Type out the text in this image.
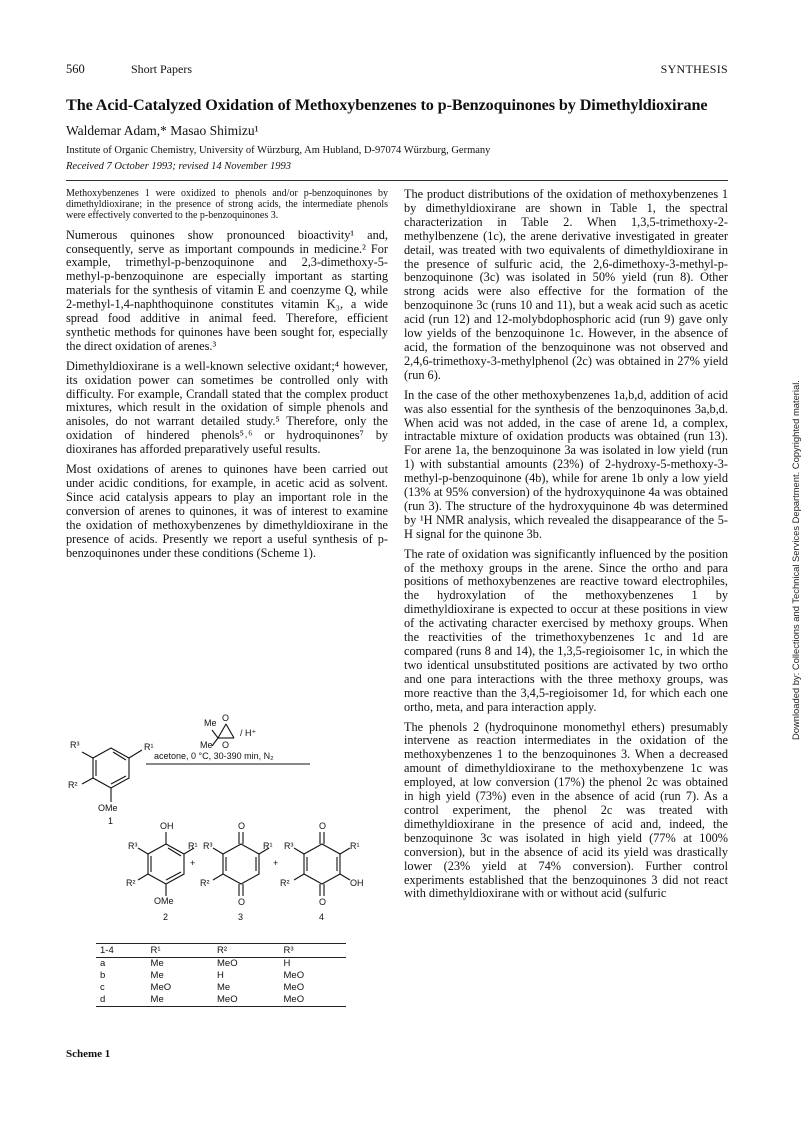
560	Short Papers	SYNTHESIS
The Acid-Catalyzed Oxidation of Methoxybenzenes to p-Benzoquinones by Dimethyldioxirane
Waldemar Adam,* Masao Shimizu¹
Institute of Organic Chemistry, University of Würzburg, Am Hubland, D-97074 Würzburg, Germany
Received 7 October 1993; revised 14 November 1993

Methoxybenzenes 1 were oxidized to phenols and/or p-benzoquinones by dimethyldioxirane; in the presence of strong acids, the intermediate phenols were effectively converted to the p-benzoquinones 3.

Numerous quinones show pronounced bioactivity¹ and, consequently, serve as important compounds in medicine.² For example, trimethyl-p-benzoquinone and 2,3-dimethoxy-5-methyl-p-benzoquinone are especially important as starting materials for the synthesis of vitamin E and coenzyme Q, while 2-methyl-1,4-naphthoquinone constitutes vitamin K₃, a wide spread food additive in animal feed. Therefore, efficient synthetic methods for quinones have been sought for, especially the direct oxidation of arenes.³

Dimethyldioxirane is a well-known selective oxidant;⁴ however, its oxidation power can sometimes be controlled only with difficulty. For example, Crandall stated that the complex product mixtures, which result in the oxidation of simple phenols and anisoles, do not warrant detailed study.⁵ Therefore, only the oxidation of hindered phenols⁵˒⁶ or hydroquinones⁷ by dioxiranes has afforded preparatively useful results.

Most oxidations of arenes to quinones have been carried out under acidic conditions, for example, in acetic acid as solvent. Since acid catalysis appears to play an important role in the conversion of arenes to quinones, it was of interest to examine the oxidation of methoxybenzenes by dimethyldioxirane in the presence of acids. Presently we report a useful synthesis of p-benzoquinones under these conditions (Scheme 1).

The product distributions of the oxidation of methoxybenzenes 1 by dimethyldioxirane are shown in Table 1, the spectral characterization in Table 2. When 1,3,5-trimethoxy-2-methylbenzene (1c), the arene derivative investigated in greater detail, was treated with two equivalents of dimethyldioxirane in the presence of sulfuric acid, the 2,6-dimethoxy-3-methyl-p-benzoquinone (3c) was isolated in 50% yield (run 8). Other strong acids were also effective for the formation of the benzoquinone 3c (runs 10 and 11), but a weak acid such as acetic acid (run 12) and 12-molybdophosphoric acid (run 9) gave only low yields of the benzoquinone 1c. However, in the absence of acid, the formation of the benzoquinone was not observed and 2,4,6-trimethoxy-3-methylphenol (2c) was obtained in 27% yield (run 6).

In the case of the other methoxybenzenes 1a,b,d, addition of acid was also essential for the synthesis of the benzoquinones 3a,b,d. When acid was not added, in the case of arene 1d, a complex, intractable mixture of oxidation products was obtained (run 13). For arene 1a, the benzoquinone 3a was isolated in low yield (run 1) with substantial amounts (23%) of 2-hydroxy-5-methoxy-3-methyl-p-benzoquinone (4b), while for arene 1b only a low yield (13% at 95% conversion) of the hydroxyquinone 4a was obtained (run 3). The structure of the hydroxyquinone 4b was determined by ¹H NMR analysis, which revealed the disappearance of the 5-H signal for the quinone 3b.

The rate of oxidation was significantly influenced by the position of the methoxy groups in the arene. Since the ortho and para positions of methoxybenzenes are reactive toward electrophiles, the hydroxylation of the methoxybenzenes 1 by dimethyldioxirane is expected to occur at these positions in view of the activating character exercised by methoxy groups. When the reactivities of the trimethoxybenzenes 1c and 1d are compared (runs 8 and 14), the 1,3,5-regioisomer 1c, in which the two identical unsubstituted positions are activated by two ortho and one para interactions with the three methoxy groups, was more reactive than the 3,4,5-regioisomer 1d, for which each one ortho, meta, and para interaction apply.

The phenols 2 (hydroquinone monomethyl ethers) presumably intervene as reaction intermediates in the oxidation of the methoxybenzenes 1 to the benzoquinones 3. When a decreased amount of dimethyldioxirane to the methoxybenzene 1c was employed, at low conversion (17%) the phenol 2c was obtained in high yield (73%) even in the absence of acid (run 7). As a control experiment, the phenol 2c was treated with dimethyldioxirane in the presence of acid and, indeed, the benzoquinone 3c was isolated in high yield (77% at 100% conversion), but in the absence of acid its yield was drastically lower (23% yield at 74% conversion). Further control experiments established that the benzoquinones 3 did not react with dimethyldioxirane with or without acid (sulfuric

R³	R¹
R²
OMe
1
Me O
Me O
/ H⁺
acetone, 0 °C, 30-390 min, N₂
OH
R³	R¹
R²
OMe
2
+
O
R³	R¹
R²
O
3
+
O
R³	R¹
R²	OH
O
4
1-4	R¹	R²	R³
a	Me	MeO	H
b	Me	H	MeO
c	MeO	Me	MeO
d	Me	MeO	MeO
Scheme 1
Downloaded by: Collections and Technical Services Department. Copyrighted material.
